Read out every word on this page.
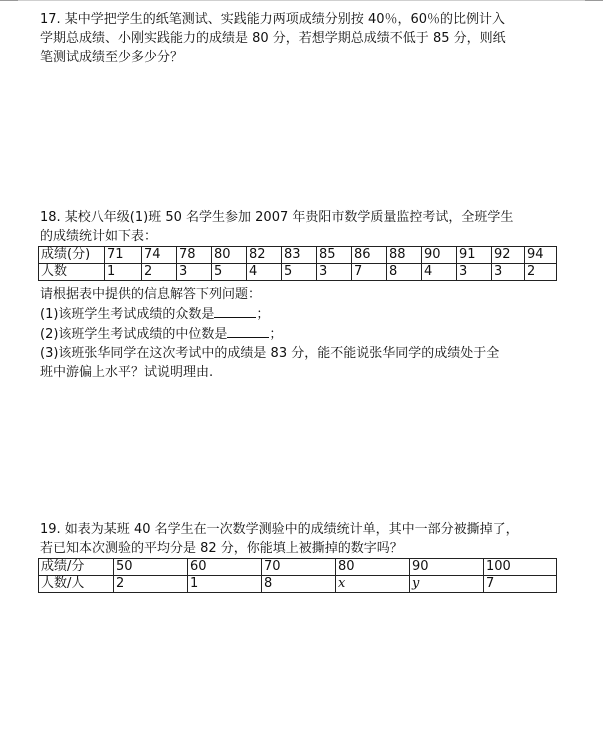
17. 某中学把学生的纸笔测试、实践能力两项成绩分别按 40％，60％的比例计入
学期总成绩、小刚实践能力的成绩是 80 分，若想学期总成绩不低于 85 分，则纸
笔测试成绩至少多少分？

18. 某校八年级(1)班 50 名学生参加 2007 年贵阳市数学质量监控考试，全班学生
的成绩统计如下表：

成绩(分)	71	74	78	80	82	83	85	86	88	90	91	92	94
人数	1	2	3	5	4	5	3	7	8	4	3	3	2

请根据表中提供的信息解答下列问题：
(1)该班学生考试成绩的众数是	；
(2)该班学生考试成绩的中位数是	；
(3)该班张华同学在这次考试中的成绩是 83 分，能不能说张华同学的成绩处于全
班中游偏上水平？试说明理由.

19. 如表为某班 40 名学生在一次数学测验中的成绩统计单，其中一部分被撕掉了，
若已知本次测验的平均分是 82 分，你能填上被撕掉的数字吗？

成绩/分	50	60	70	80	90	100
人数/人	2	1	8	x	y	7
